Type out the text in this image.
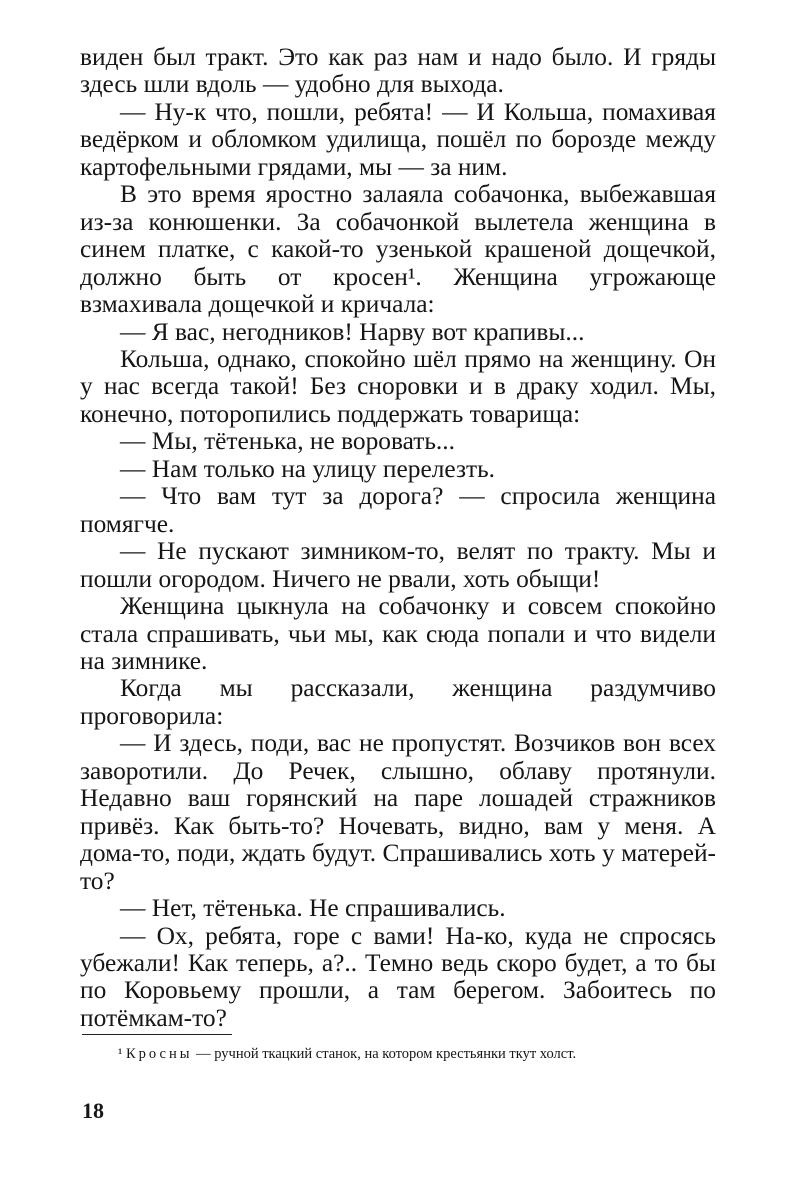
виден был тракт. Это как раз нам и надо было. И гряды здесь шли вдоль — удобно для выхода.

— Ну-к что, пошли, ребята! — И Кольша, помахивая ведёрком и обломком удилища, пошёл по борозде между картофельными грядами, мы — за ним.

В это время яростно залаяла собачонка, выбежавшая из-за конюшенки. За собачонкой вылетела женщина в синем платке, с какой-то узенькой крашеной дощечкой, должно быть от кросен¹. Женщина угрожающе взмахивала дощечкой и кричала:

— Я вас, негодников! Нарву вот крапивы...

Кольша, однако, спокойно шёл прямо на женщину. Он у нас всегда такой! Без сноровки и в драку ходил. Мы, конечно, поторопились поддержать товарища:

— Мы, тётенька, не воровать...

— Нам только на улицу перелезть.

— Что вам тут за дорога? — спросила женщина помягче.

— Не пускают зимником-то, велят по тракту. Мы и пошли огородом. Ничего не рвали, хоть обыщи!

Женщина цыкнула на собачонку и совсем спокойно стала спрашивать, чьи мы, как сюда попали и что видели на зимнике.

Когда мы рассказали, женщина раздумчиво проговорила:

— И здесь, поди, вас не пропустят. Возчиков вон всех заворотили. До Речек, слышно, облаву протянули. Недавно ваш горянский на паре лошадей стражников привёз. Как быть-то? Ночевать, видно, вам у меня. А дома-то, поди, ждать будут. Спрашивались хоть у матерей-то?

— Нет, тётенька. Не спрашивались.

— Ох, ребята, горе с вами! На-ко, куда не спросясь убежали! Как теперь, а?.. Темно ведь скоро будет, а то бы по Коровьему прошли, а там берегом. Забоитесь по потёмкам-то?

¹ Кросны — ручной ткацкий станок, на котором крестьянки ткут холст.

18
